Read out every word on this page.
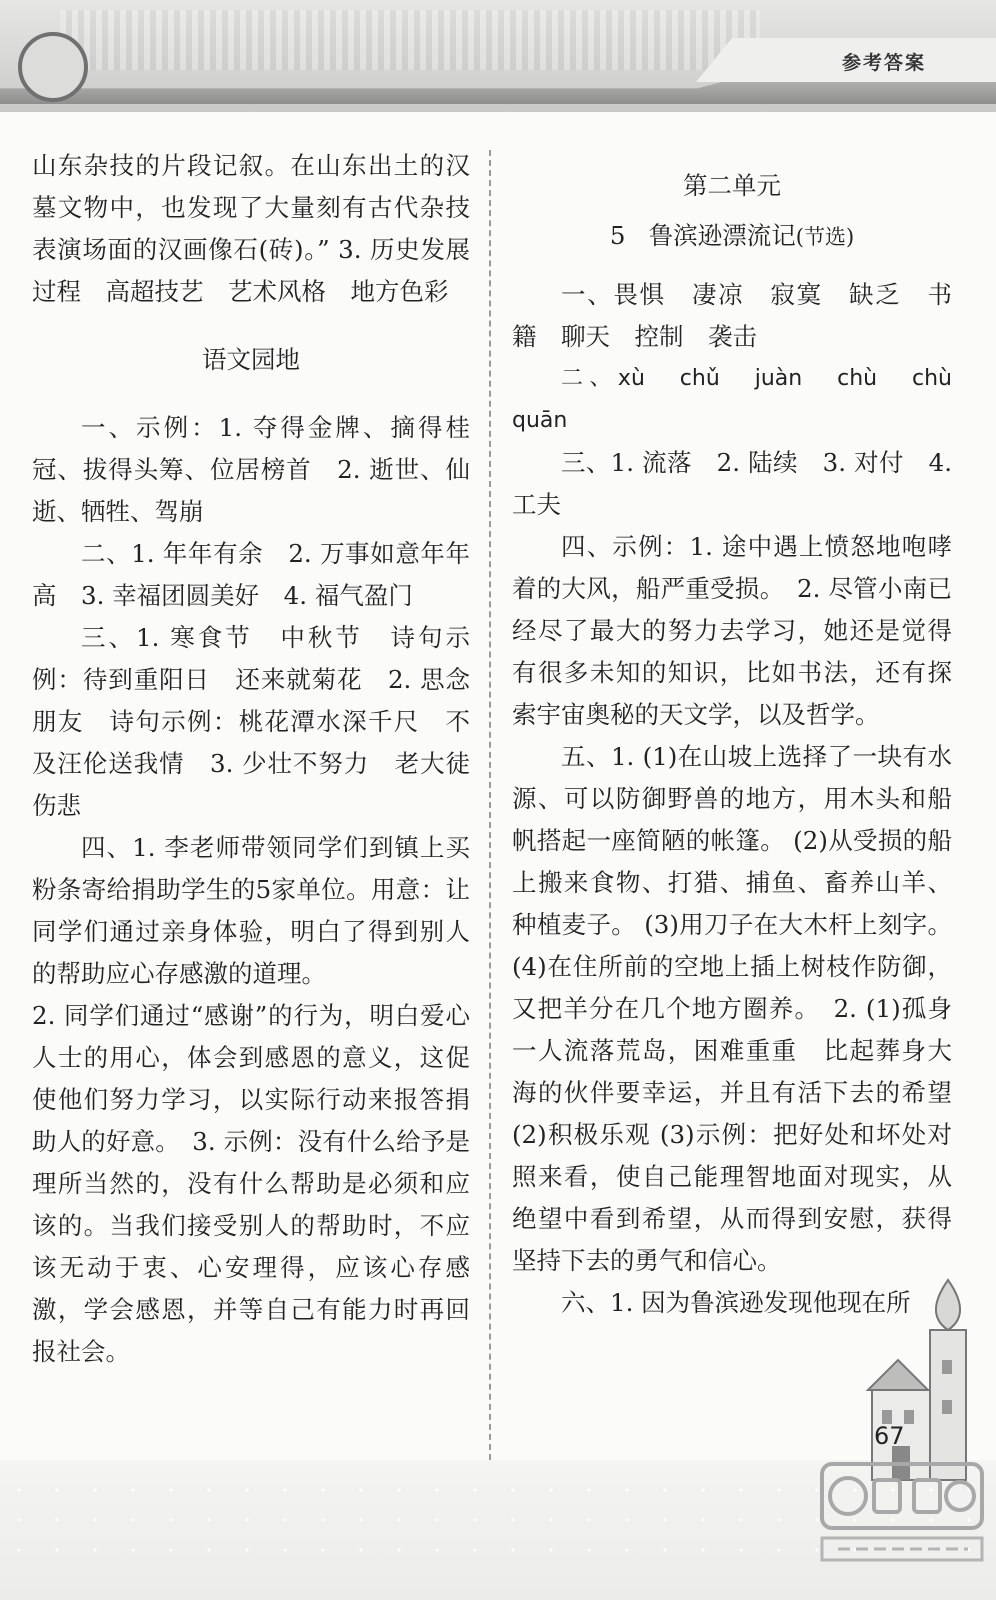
参考答案

山东杂技的片段记叙。在山东出土的汉墓文物中，也发现了大量刻有古代杂技表演场面的汉画像石(砖)。” 3. 历史发展过程　高超技艺　艺术风格　地方色彩

语文园地

一、示例：1. 夺得金牌、摘得桂冠、拔得头筹、位居榜首　2. 逝世、仙逝、牺牲、驾崩

二、1. 年年有余　2. 万事如意年年高　3. 幸福团圆美好　4. 福气盈门

三、1. 寒食节　中秋节　诗句示例：待到重阳日　还来就菊花　2. 思念朋友　诗句示例：桃花潭水深千尺　不及汪伦送我情　3. 少壮不努力　老大徒伤悲

四、1. 李老师带领同学们到镇上买粉条寄给捐助学生的5家单位。用意：让同学们通过亲身体验，明白了得到别人的帮助应心存感激的道理。

2. 同学们通过“感谢”的行为，明白爱心人士的用心，体会到感恩的意义，这促使他们努力学习，以实际行动来报答捐助人的好意。　3. 示例：没有什么给予是理所当然的，没有什么帮助是必须和应该的。当我们接受别人的帮助时，不应该无动于衷、心安理得，应该心存感激，学会感恩，并等自己有能力时再回报社会。

第二单元

5 鲁滨逊漂流记(节选)

一、畏惧　凄凉　寂寞　缺乏　书籍　聊天　控制　袭击

二、xù　chǔ　juàn　chù　chù　quān

三、1. 流落　2. 陆续　3. 对付　4. 工夫

四、示例：1. 途中遇上愤怒地咆哮着的大风，船严重受损。　2. 尽管小南已经尽了最大的努力去学习，她还是觉得有很多未知的知识，比如书法，还有探索宇宙奥秘的天文学，以及哲学。

五、1. (1)在山坡上选择了一块有水源、可以防御野兽的地方，用木头和船帆搭起一座简陋的帐篷。 (2)从受损的船上搬来食物、打猎、捕鱼、畜养山羊、种植麦子。 (3)用刀子在大木杆上刻字。 (4)在住所前的空地上插上树枝作防御，又把羊分在几个地方圈养。　2. (1)孤身一人流落荒岛，困难重重　比起葬身大海的伙伴要幸运，并且有活下去的希望　(2)积极乐观 (3)示例：把好处和坏处对照来看，使自己能理智地面对现实，从绝望中看到希望，从而得到安慰，获得坚持下去的勇气和信心。

六、1. 因为鲁滨逊发现他现在所

67
